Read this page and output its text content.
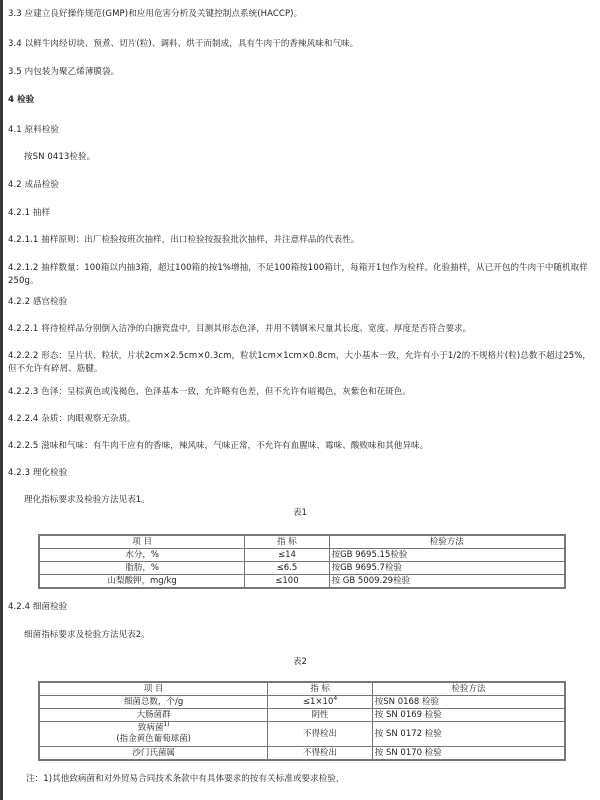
3.3 应建立良好操作规范(GMP)和应用危害分析及关键控制点系统(HACCP)。
3.4 以鲜牛肉经切块、预煮、切片(粒)、调料、烘干而制成，具有牛肉干的香辣风味和气味。
3.5 内包装为聚乙烯薄膜袋。
4 检验
4.1 原料检验
按SN 0413检验。
4.2 成品检验
4.2.1 抽样
4.2.1.1 抽样原则：出厂检验按班次抽样，出口检验按报验批次抽样，并注意样品的代表性。
4.2.1.2 抽样数量：100箱以内抽3箱，超过100箱的按1%增抽，不足100箱按100箱计，每箱开1包作为检样。化验抽样，从已开包的牛肉干中随机取样250g。
4.2.2 感官检验
4.2.2.1 将待检样品分别倒入洁净的白搪瓷盘中，目测其形态色泽，并用不锈钢米尺量其长度、宽度、厚度是否符合要求。
4.2.2.2 形态：呈片状、粒状，片状2cm×2.5cm×0.3cm，粒状1cm×1cm×0.8cm，大小基本一致，允许有小于1/2的不规格片(粒)总数不超过25%，但不允许有碎屑、筋腱。
4.2.2.3 色泽：呈棕黄色或浅褐色，色泽基本一致，允许略有色差，但不允许有暗褐色，灰紫色和花斑色。
4.2.2.4 杂质：肉眼观察无杂质。
4.2.2.5 滋味和气味：有牛肉干应有的香味，辣风味，气味正常，不允许有血腥味、霉味、酸败味和其他异味。
4.2.3 理化检验
理化指标要求及检验方法见表1。
表1
项 目	指 标	检验方法
水分，%	≤14	按GB 9695.15检验
脂肪，%	≤6.5	按GB 9695.7检验
山梨酸钾，mg/kg	≤100	按 GB 5009.29检验
4.2.4 细菌检验
细菌指标要求及检验方法见表2。
表2
项 目	指 标	检验方法
细菌总数，个/g	$\le 1\times 10^4$	按SN 0168 检验
大肠菌群	阴性	按 SN 0169 检验
致病菌$^{1)}$
(指金黄色葡萄球菌)	不得检出	按 SN 0172 检验
沙门氏菌属	不得检出	按 SN 0170 检验
注：1)其他致病菌和对外贸易合同技术条款中有具体要求的按有关标准或要求检验，
